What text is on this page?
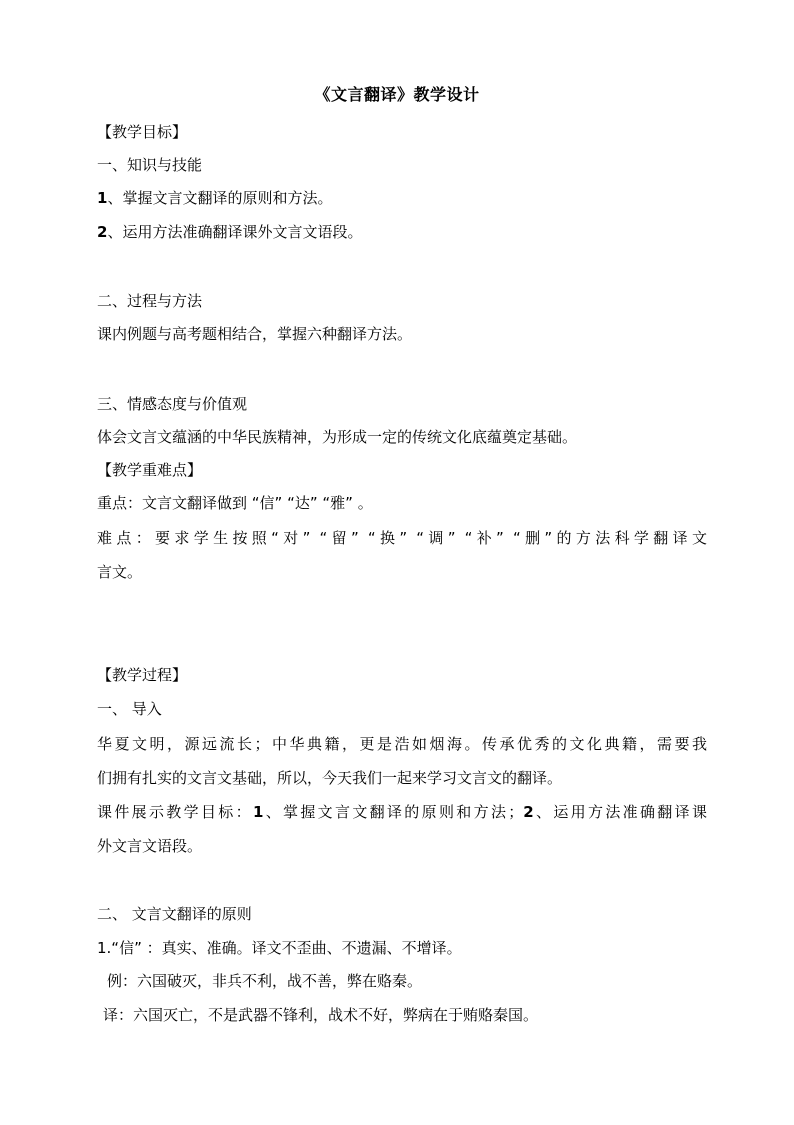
《文言翻译》教学设计
【教学目标】
一、知识与技能
1、掌握文言文翻译的原则和方法。
2、运用方法准确翻译课外文言文语段。
二、过程与方法
课内例题与高考题相结合，掌握六种翻译方法。
三、情感态度与价值观
体会文言文蕴涵的中华民族精神，为形成一定的传统文化底蕴奠定基础。
【教学重难点】
重点：文言文翻译做到 “信” “达” “雅” 。
难点：要求学生按照“对” “留” “换” “调” “补” “删”的方法科学翻译文
言文。
【教学过程】
一、 导入
华夏文明，源远流长；中华典籍，更是浩如烟海。传承优秀的文化典籍，需要我
们拥有扎实的文言文基础，所以，今天我们一起来学习文言文的翻译。
课件展示教学目标：1、掌握文言文翻译的原则和方法；2、运用方法准确翻译课
外文言文语段。
二、 文言文翻译的原则
1.“信” ：真实、准确。译文不歪曲、不遗漏、不增译。
例：六国破灭，非兵不利，战不善，弊在赂秦。
译：六国灭亡，不是武器不锋利，战术不好，弊病在于贿赂秦国。
